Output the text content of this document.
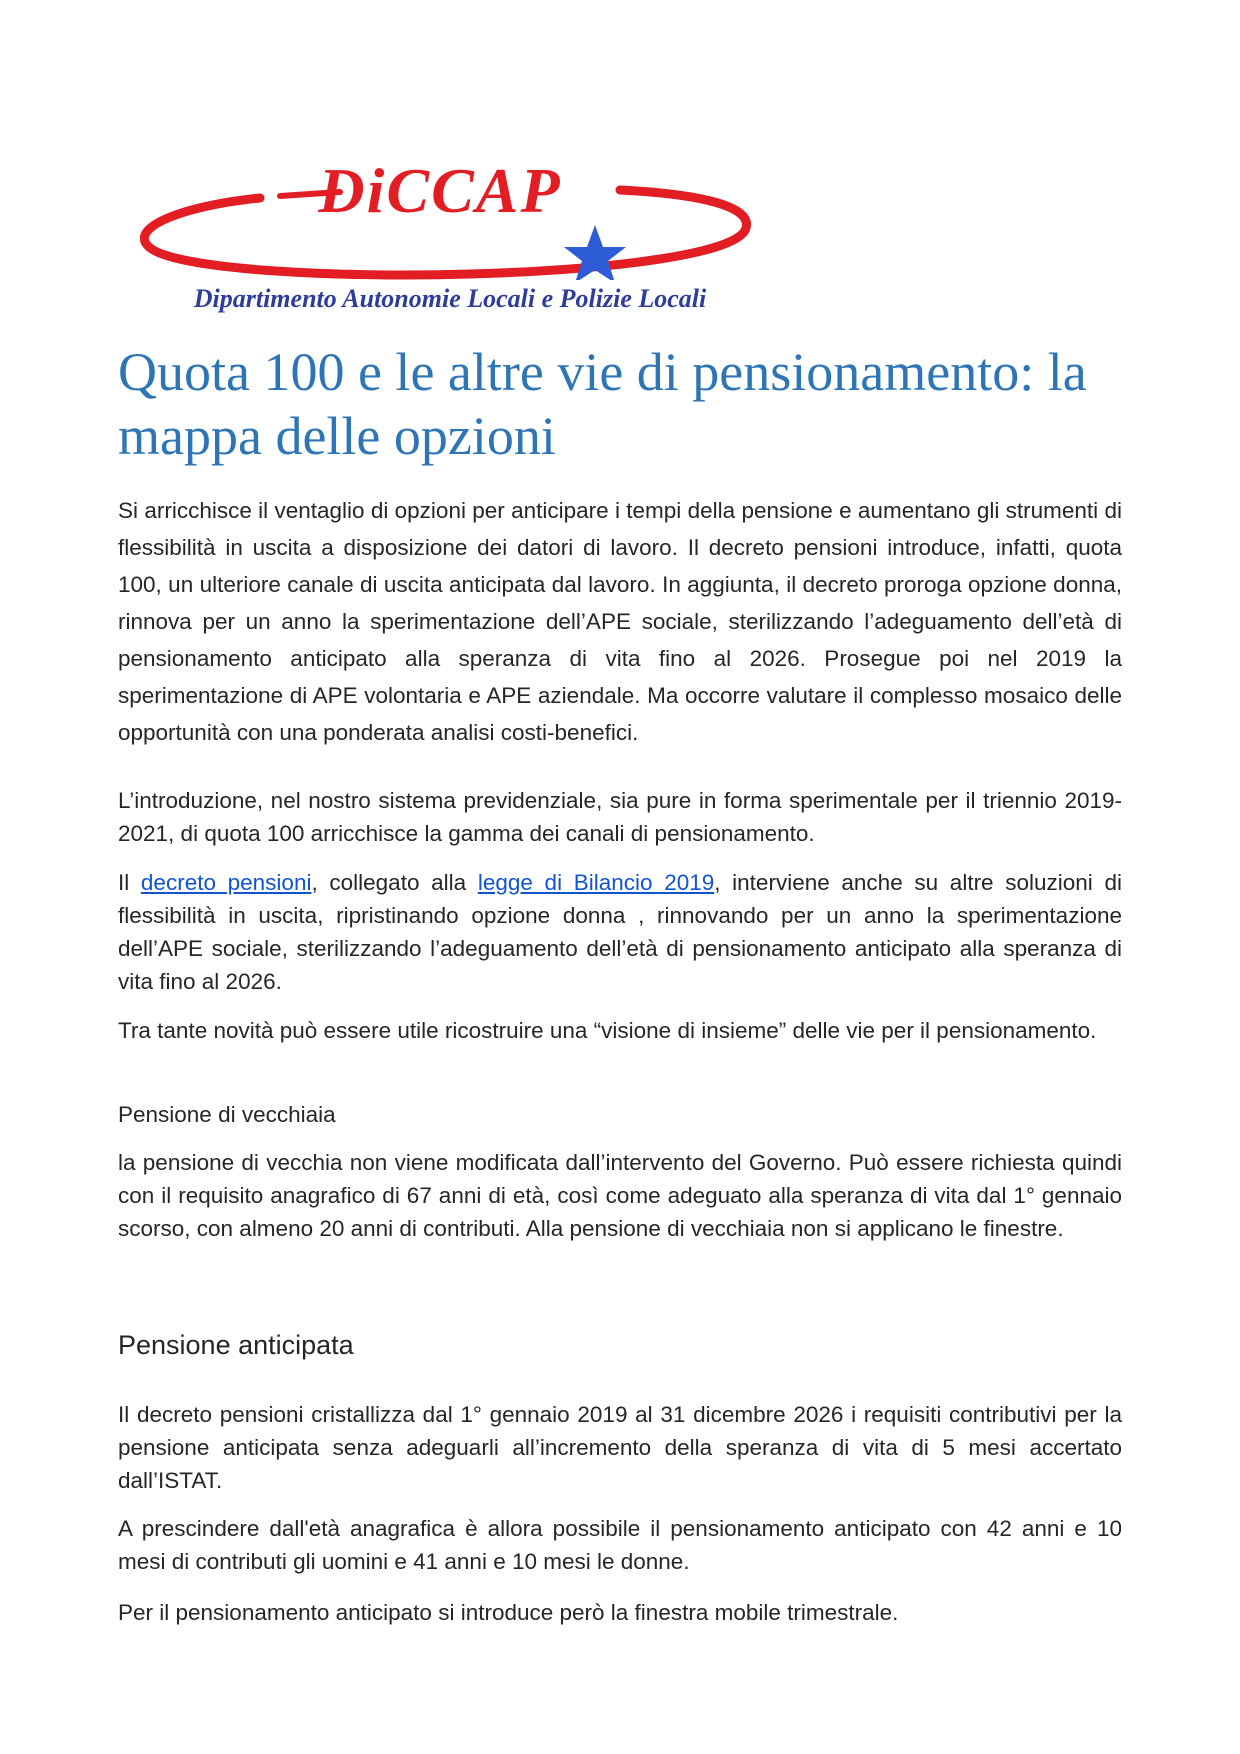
DiCCAP
Dipartimento Autonomie Locali e Polizie Locali
Quota 100 e le altre vie di pensionamento: la mappa delle opzioni

Si arricchisce il ventaglio di opzioni per anticipare i tempi della pensione e aumentano gli strumenti di flessibilità in uscita a disposizione dei datori di lavoro. Il decreto pensioni introduce, infatti, quota 100, un ulteriore canale di uscita anticipata dal lavoro. In aggiunta, il decreto proroga opzione donna, rinnova per un anno la sperimentazione dell’APE sociale, sterilizzando l’adeguamento dell’età di pensionamento anticipato alla speranza di vita fino al 2026. Prosegue poi nel 2019 la sperimentazione di APE volontaria e APE aziendale. Ma occorre valutare il complesso mosaico delle opportunità con una ponderata analisi costi-benefici.

L’introduzione, nel nostro sistema previdenziale, sia pure in forma sperimentale per il triennio 2019-2021, di quota 100 arricchisce la gamma dei canali di pensionamento.

Il decreto pensioni, collegato alla legge di Bilancio 2019, interviene anche su altre soluzioni di flessibilità in uscita, ripristinando opzione donna , rinnovando per un anno la sperimentazione dell’APE sociale, sterilizzando l’adeguamento dell’età di pensionamento anticipato alla speranza di vita fino al 2026.

Tra tante novità può essere utile ricostruire una “visione di insieme” delle vie per il pensionamento.

Pensione di vecchiaia

la pensione di vecchia non viene modificata dall’intervento del Governo. Può essere richiesta quindi con il requisito anagrafico di 67 anni di età, così come adeguato alla speranza di vita dal 1° gennaio scorso, con almeno 20 anni di contributi. Alla pensione di vecchiaia non si applicano le finestre.

Pensione anticipata

Il decreto pensioni cristallizza dal 1° gennaio 2019 al 31 dicembre 2026 i requisiti contributivi per la pensione anticipata senza adeguarli all’incremento della speranza di vita di 5 mesi accertato dall’ISTAT.

A prescindere dall'età anagrafica è allora possibile il pensionamento anticipato con 42 anni e 10 mesi di contributi gli uomini e 41 anni e 10 mesi le donne.

Per il pensionamento anticipato si introduce però la finestra mobile trimestrale.
